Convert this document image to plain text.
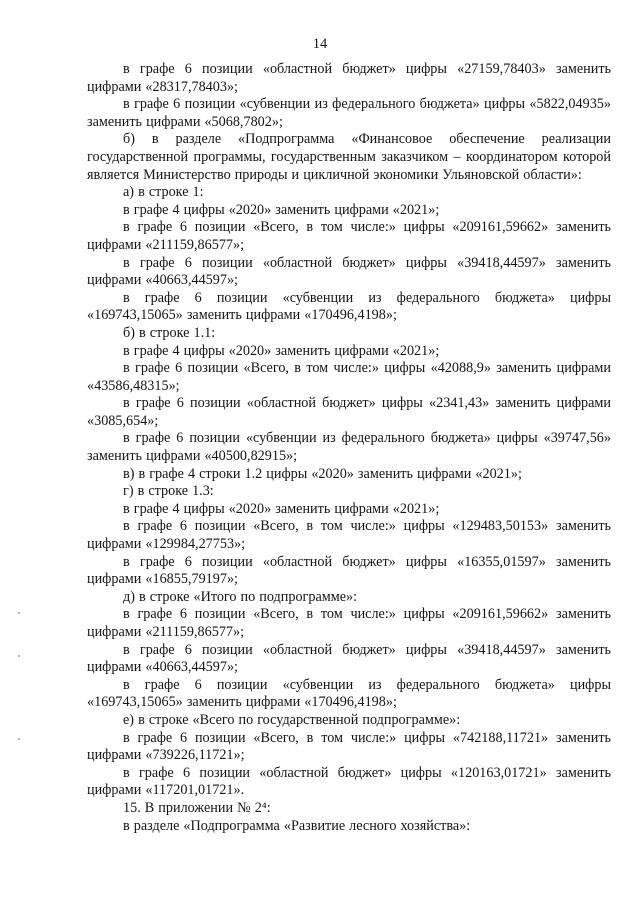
14

в графе 6 позиции «областной бюджет» цифры «27159,78403» заменить цифрами «28317,78403»;

в графе 6 позиции «субвенции из федерального бюджета» цифры «5822,04935» заменить цифрами «5068,7802»;

б) в разделе «Подпрограмма «Финансовое обеспечение реализации государственной программы, государственным заказчиком – координатором которой является Министерство природы и цикличной экономики Ульяновской области»:

а) в строке 1:

в графе 4 цифры «2020» заменить цифрами «2021»;

в графе 6 позиции «Всего, в том числе:» цифры «209161,59662» заменить цифрами «211159,86577»;

в графе 6 позиции «областной бюджет» цифры «39418,44597» заменить цифрами «40663,44597»;

в графе 6 позиции «субвенции из федерального бюджета» цифры «169743,15065» заменить цифрами «170496,4198»;

б) в строке 1.1:

в графе 4 цифры «2020» заменить цифрами «2021»;

в графе 6 позиции «Всего, в том числе:» цифры «42088,9» заменить цифрами «43586,48315»;

в графе 6 позиции «областной бюджет» цифры «2341,43» заменить цифрами «3085,654»;

в графе 6 позиции «субвенции из федерального бюджета» цифры «39747,56» заменить цифрами «40500,82915»;

в) в графе 4 строки 1.2 цифры «2020» заменить цифрами «2021»;

г) в строке 1.3:

в графе 4 цифры «2020» заменить цифрами «2021»;

в графе 6 позиции «Всего, в том числе:» цифры «129483,50153» заменить цифрами «129984,27753»;

в графе 6 позиции «областной бюджет» цифры «16355,01597» заменить цифрами «16855,79197»;

д) в строке «Итого по подпрограмме»:

в графе 6 позиции «Всего, в том числе:» цифры «209161,59662» заменить цифрами «211159,86577»;

в графе 6 позиции «областной бюджет» цифры «39418,44597» заменить цифрами «40663,44597»;

в графе 6 позиции «субвенции из федерального бюджета» цифры «169743,15065» заменить цифрами «170496,4198»;

е) в строке «Всего по государственной подпрограмме»:

в графе 6 позиции «Всего, в том числе:» цифры «742188,11721» заменить цифрами «739226,11721»;

в графе 6 позиции «областной бюджет» цифры «120163,01721» заменить цифрами «117201,01721».

15. В приложении № 2⁴:

в разделе «Подпрограмма «Развитие лесного хозяйства»:
